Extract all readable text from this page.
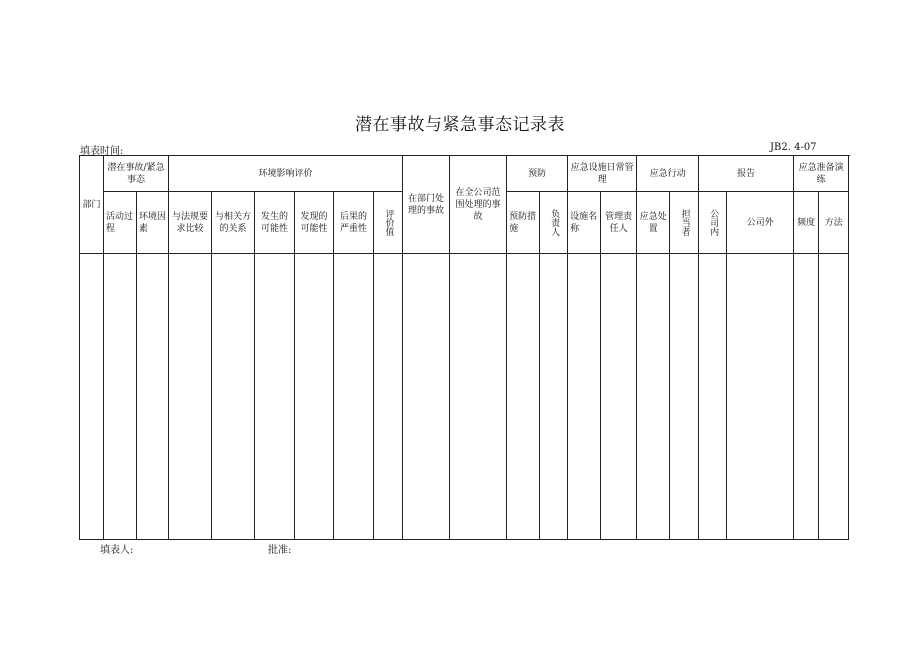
潜在事故与紧急事态记录表
填表时间:	JB2. 4-07
部门	潜在事故/紧急事态		环境影响评价						在部门处理的事故	在全公司范围处理的事故	预防		应急设施日常管理		应急行动		报告		应急准备演练		
	活动过程	环境因素	与法规要求比较	与相关方的关系	发生的可能性	发现的可能性	后果的严重性	评价值			预防措施	负责人	设施名称	管理责任人	应急处置	担当者	公司内	公司外	频度	方法	

填表人:	批准:
